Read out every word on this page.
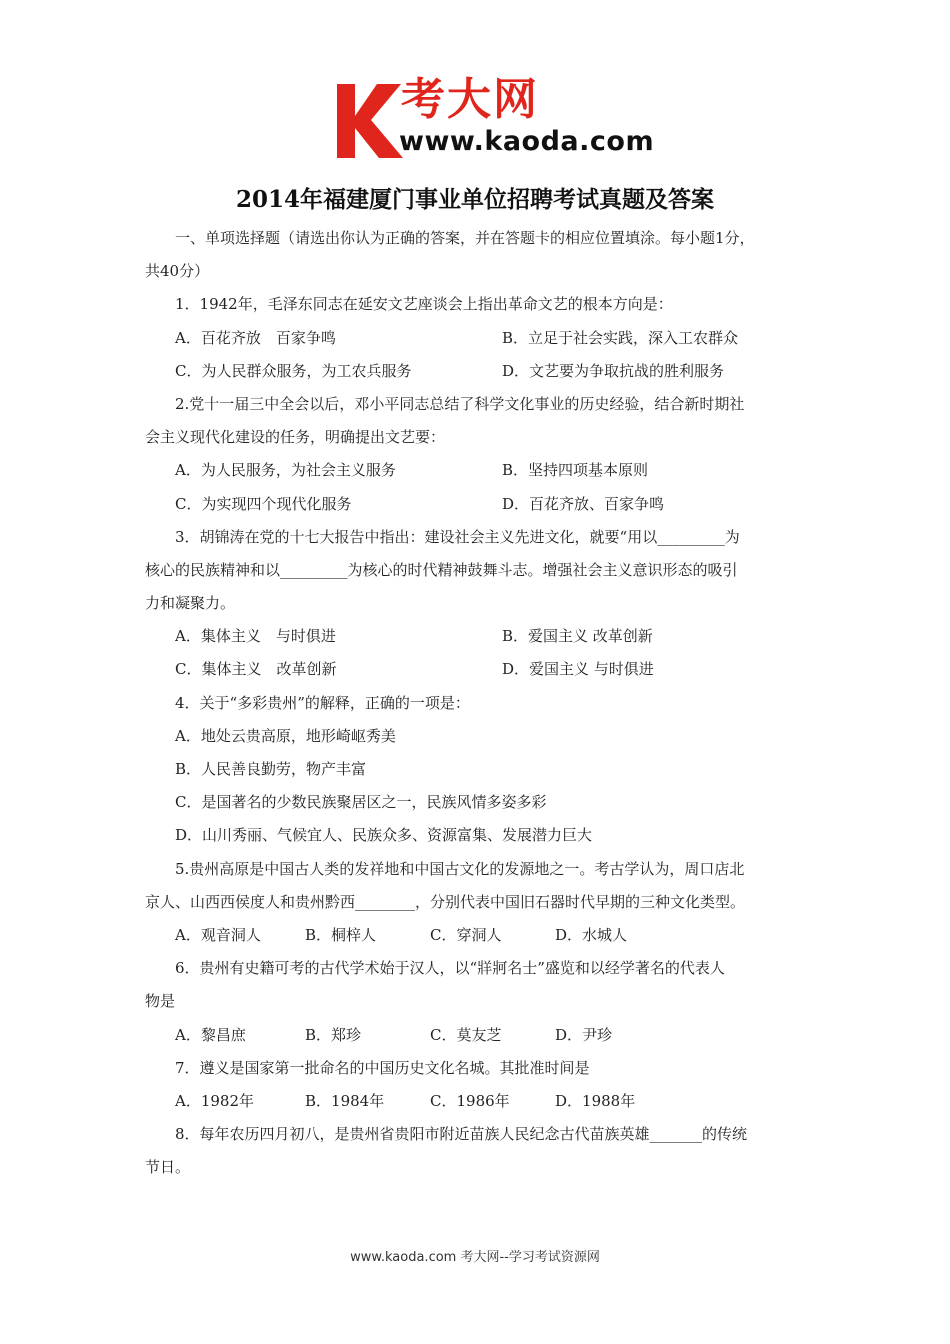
考大网
www.kaoda.com
2014年福建厦门事业单位招聘考试真题及答案
一、单项选择题（请选出你认为正确的答案，并在答题卡的相应位置填涂。每小题1分，
共40分）
1．1942年，毛泽东同志在延安文艺座谈会上指出革命文艺的根本方向是：
A．百花齐放　百家争鸣	B．立足于社会实践，深入工农群众
C．为人民群众服务，为工农兵服务	D．文艺要为争取抗战的胜利服务
2.党十一届三中全会以后，邓小平同志总结了科学文化事业的历史经验，结合新时期社
会主义现代化建设的任务，明确提出文艺要：
A．为人民服务，为社会主义服务	B．坚持四项基本原则
C．为实现四个现代化服务	D．百花齐放、百家争鸣
3．胡锦涛在党的十七大报告中指出：建设社会主义先进文化，就要“用以_________为
核心的民族精神和以_________为核心的时代精神鼓舞斗志。增强社会主义意识形态的吸引
力和凝聚力。
A．集体主义　与时俱进	B．爱国主义 改革创新
C．集体主义　改革创新	D．爱国主义 与时俱进
4．关于“多彩贵州”的解释，正确的一项是：
A．地处云贵高原，地形崎岖秀美
B．人民善良勤劳，物产丰富
C．是国著名的少数民族聚居区之一，民族风情多姿多彩
D．山川秀丽、气候宜人、民族众多、资源富集、发展潜力巨大
5.贵州高原是中国古人类的发祥地和中国古文化的发源地之一。考古学认为，周口店北
京人、山西西侯度人和贵州黔西________，分别代表中国旧石器时代早期的三种文化类型。
A．观音洞人	B．桐梓人	C．穿洞人	D．水城人
6．贵州有史籍可考的古代学术始于汉人，以“牂牁名士”盛览和以经学著名的代表人
物是
A．黎昌庶	B．郑珍	C．莫友芝	D．尹珍
7．遵义是国家第一批命名的中国历史文化名城。其批准时间是
A．1982年	B．1984年	C．1986年	D．1988年
8．每年农历四月初八，是贵州省贵阳市附近苗族人民纪念古代苗族英雄_______的传统
节日。
www.kaoda.com 考大网--学习考试资源网
